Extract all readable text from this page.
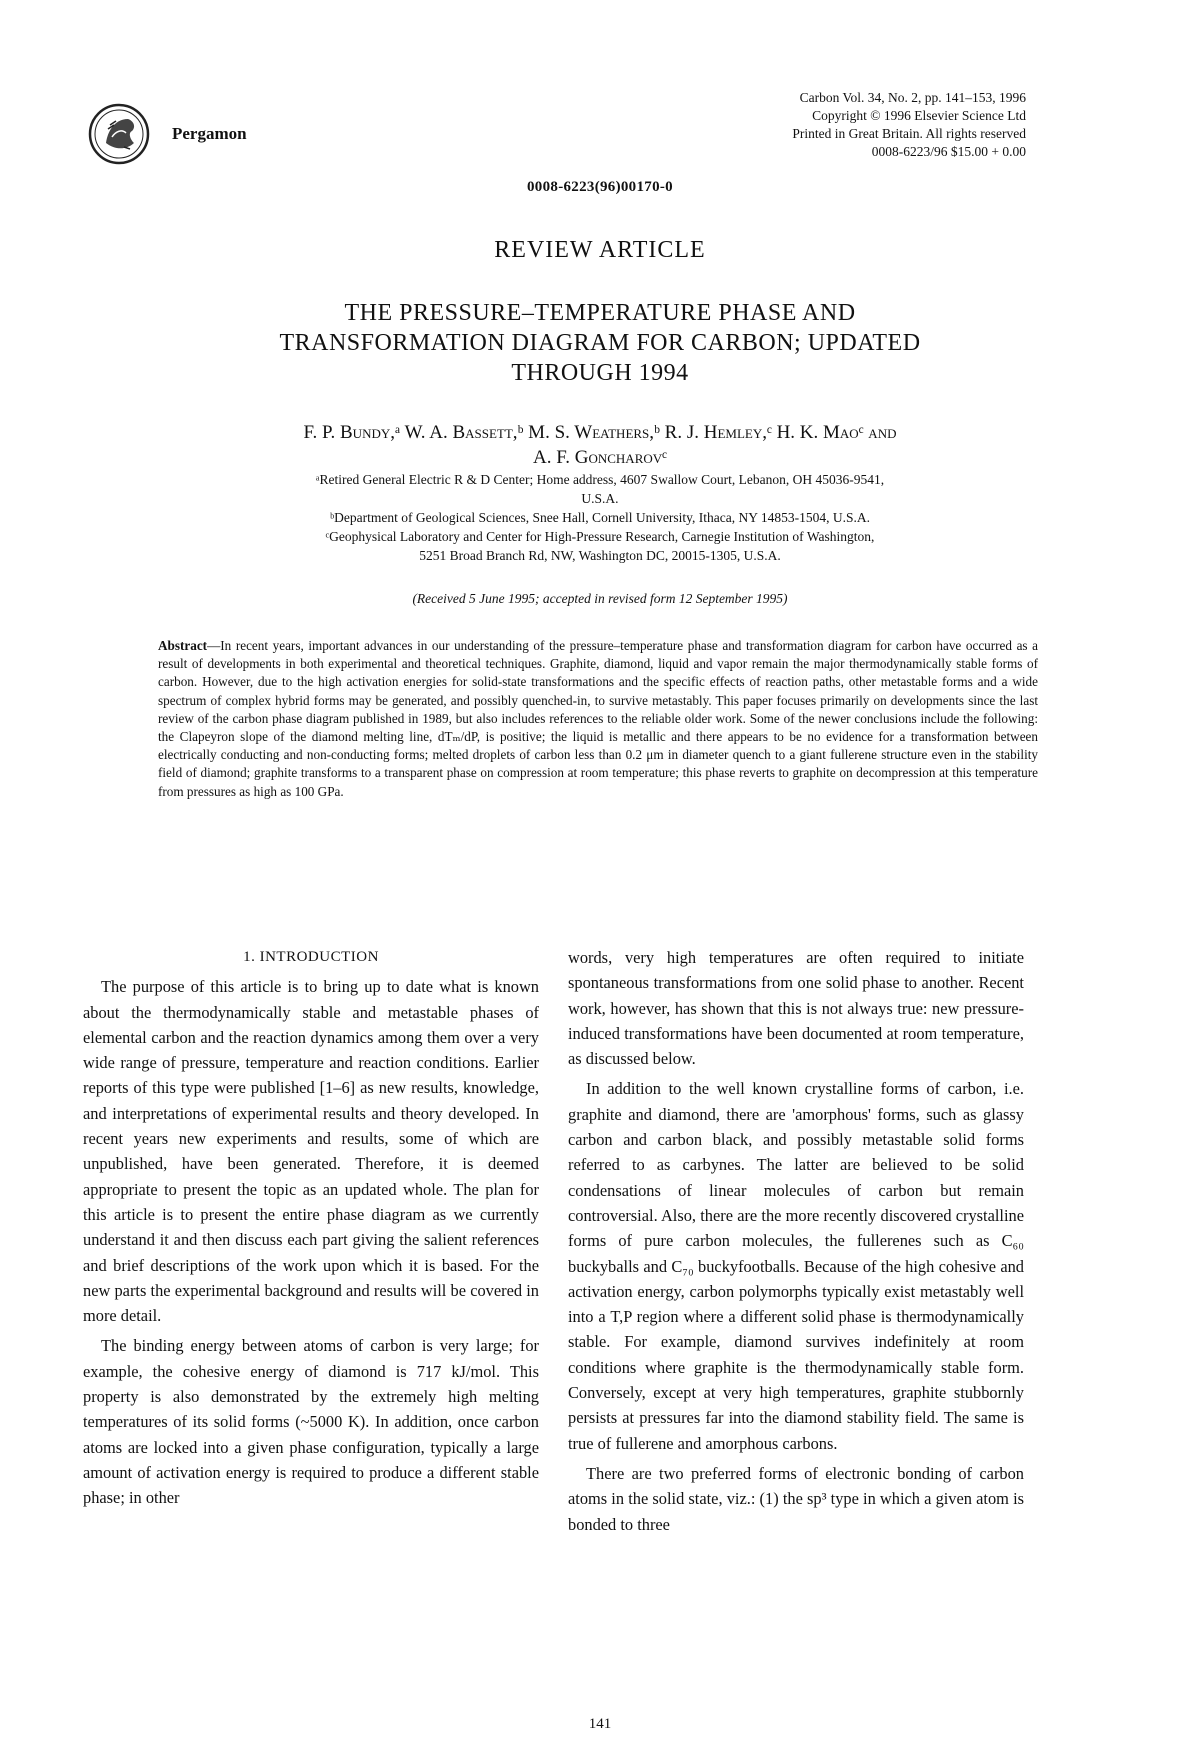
Pergamon
Carbon Vol. 34, No. 2, pp. 141–153, 1996
Copyright © 1996 Elsevier Science Ltd
Printed in Great Britain. All rights reserved
0008-6223/96 $15.00 + 0.00
0008-6223(96)00170-0
REVIEW ARTICLE
THE PRESSURE–TEMPERATURE PHASE AND
TRANSFORMATION DIAGRAM FOR CARBON; UPDATED
THROUGH 1994
F. P. Bundy,ᵃ W. A. Bassett,ᵇ M. S. Weathers,ᵇ R. J. Hemley,ᶜ H. K. Maoᶜ and
A. F. Goncharovᶜ
ᵃRetired General Electric R & D Center; Home address, 4607 Swallow Court, Lebanon, OH 45036-9541,
U.S.A.
ᵇDepartment of Geological Sciences, Snee Hall, Cornell University, Ithaca, NY 14853-1504, U.S.A.
ᶜGeophysical Laboratory and Center for High-Pressure Research, Carnegie Institution of Washington,
5251 Broad Branch Rd, NW, Washington DC, 20015-1305, U.S.A.
(Received 5 June 1995; accepted in revised form 12 September 1995)
Abstract—In recent years, important advances in our understanding of the pressure–temperature phase and transformation diagram for carbon have occurred as a result of developments in both experimental and theoretical techniques. Graphite, diamond, liquid and vapor remain the major thermodynamically stable forms of carbon. However, due to the high activation energies for solid-state transformations and the specific effects of reaction paths, other metastable forms and a wide spectrum of complex hybrid forms may be generated, and possibly quenched-in, to survive metastably. This paper focuses primarily on developments since the last review of the carbon phase diagram published in 1989, but also includes references to the reliable older work. Some of the newer conclusions include the following: the Clapeyron slope of the diamond melting line, dTₘ/dP, is positive; the liquid is metallic and there appears to be no evidence for a transformation between electrically conducting and non-conducting forms; melted droplets of carbon less than 0.2 μm in diameter quench to a giant fullerene structure even in the stability field of diamond; graphite transforms to a transparent phase on compression at room temperature; this phase reverts to graphite on decompression at this temperature from pressures as high as 100 GPa.
1. INTRODUCTION

The purpose of this article is to bring up to date what is known about the thermodynamically stable and metastable phases of elemental carbon and the reaction dynamics among them over a very wide range of pressure, temperature and reaction conditions. Earlier reports of this type were published [1–6] as new results, knowledge, and interpretations of experimental results and theory developed. In recent years new experiments and results, some of which are unpublished, have been generated. Therefore, it is deemed appropriate to present the topic as an updated whole. The plan for this article is to present the entire phase diagram as we currently understand it and then discuss each part giving the salient references and brief descriptions of the work upon which it is based. For the new parts the experimental background and results will be covered in more detail.

The binding energy between atoms of carbon is very large; for example, the cohesive energy of diamond is 717 kJ/mol. This property is also demonstrated by the extremely high melting temperatures of its solid forms (~5000 K). In addition, once carbon atoms are locked into a given phase configuration, typically a large amount of activation energy is required to produce a different stable phase; in other

words, very high temperatures are often required to initiate spontaneous transformations from one solid phase to another. Recent work, however, has shown that this is not always true: new pressure-induced transformations have been documented at room temperature, as discussed below.

In addition to the well known crystalline forms of carbon, i.e. graphite and diamond, there are 'amorphous' forms, such as glassy carbon and carbon black, and possibly metastable solid forms referred to as carbynes. The latter are believed to be solid condensations of linear molecules of carbon but remain controversial. Also, there are the more recently discovered crystalline forms of pure carbon molecules, the fullerenes such as C₆₀ buckyballs and C₇₀ buckyfootballs. Because of the high cohesive and activation energy, carbon polymorphs typically exist metastably well into a T,P region where a different solid phase is thermodynamically stable. For example, diamond survives indefinitely at room conditions where graphite is the thermodynamically stable form. Conversely, except at very high temperatures, graphite stubbornly persists at pressures far into the diamond stability field. The same is true of fullerene and amorphous carbons.

There are two preferred forms of electronic bonding of carbon atoms in the solid state, viz.: (1) the sp³ type in which a given atom is bonded to three

141
